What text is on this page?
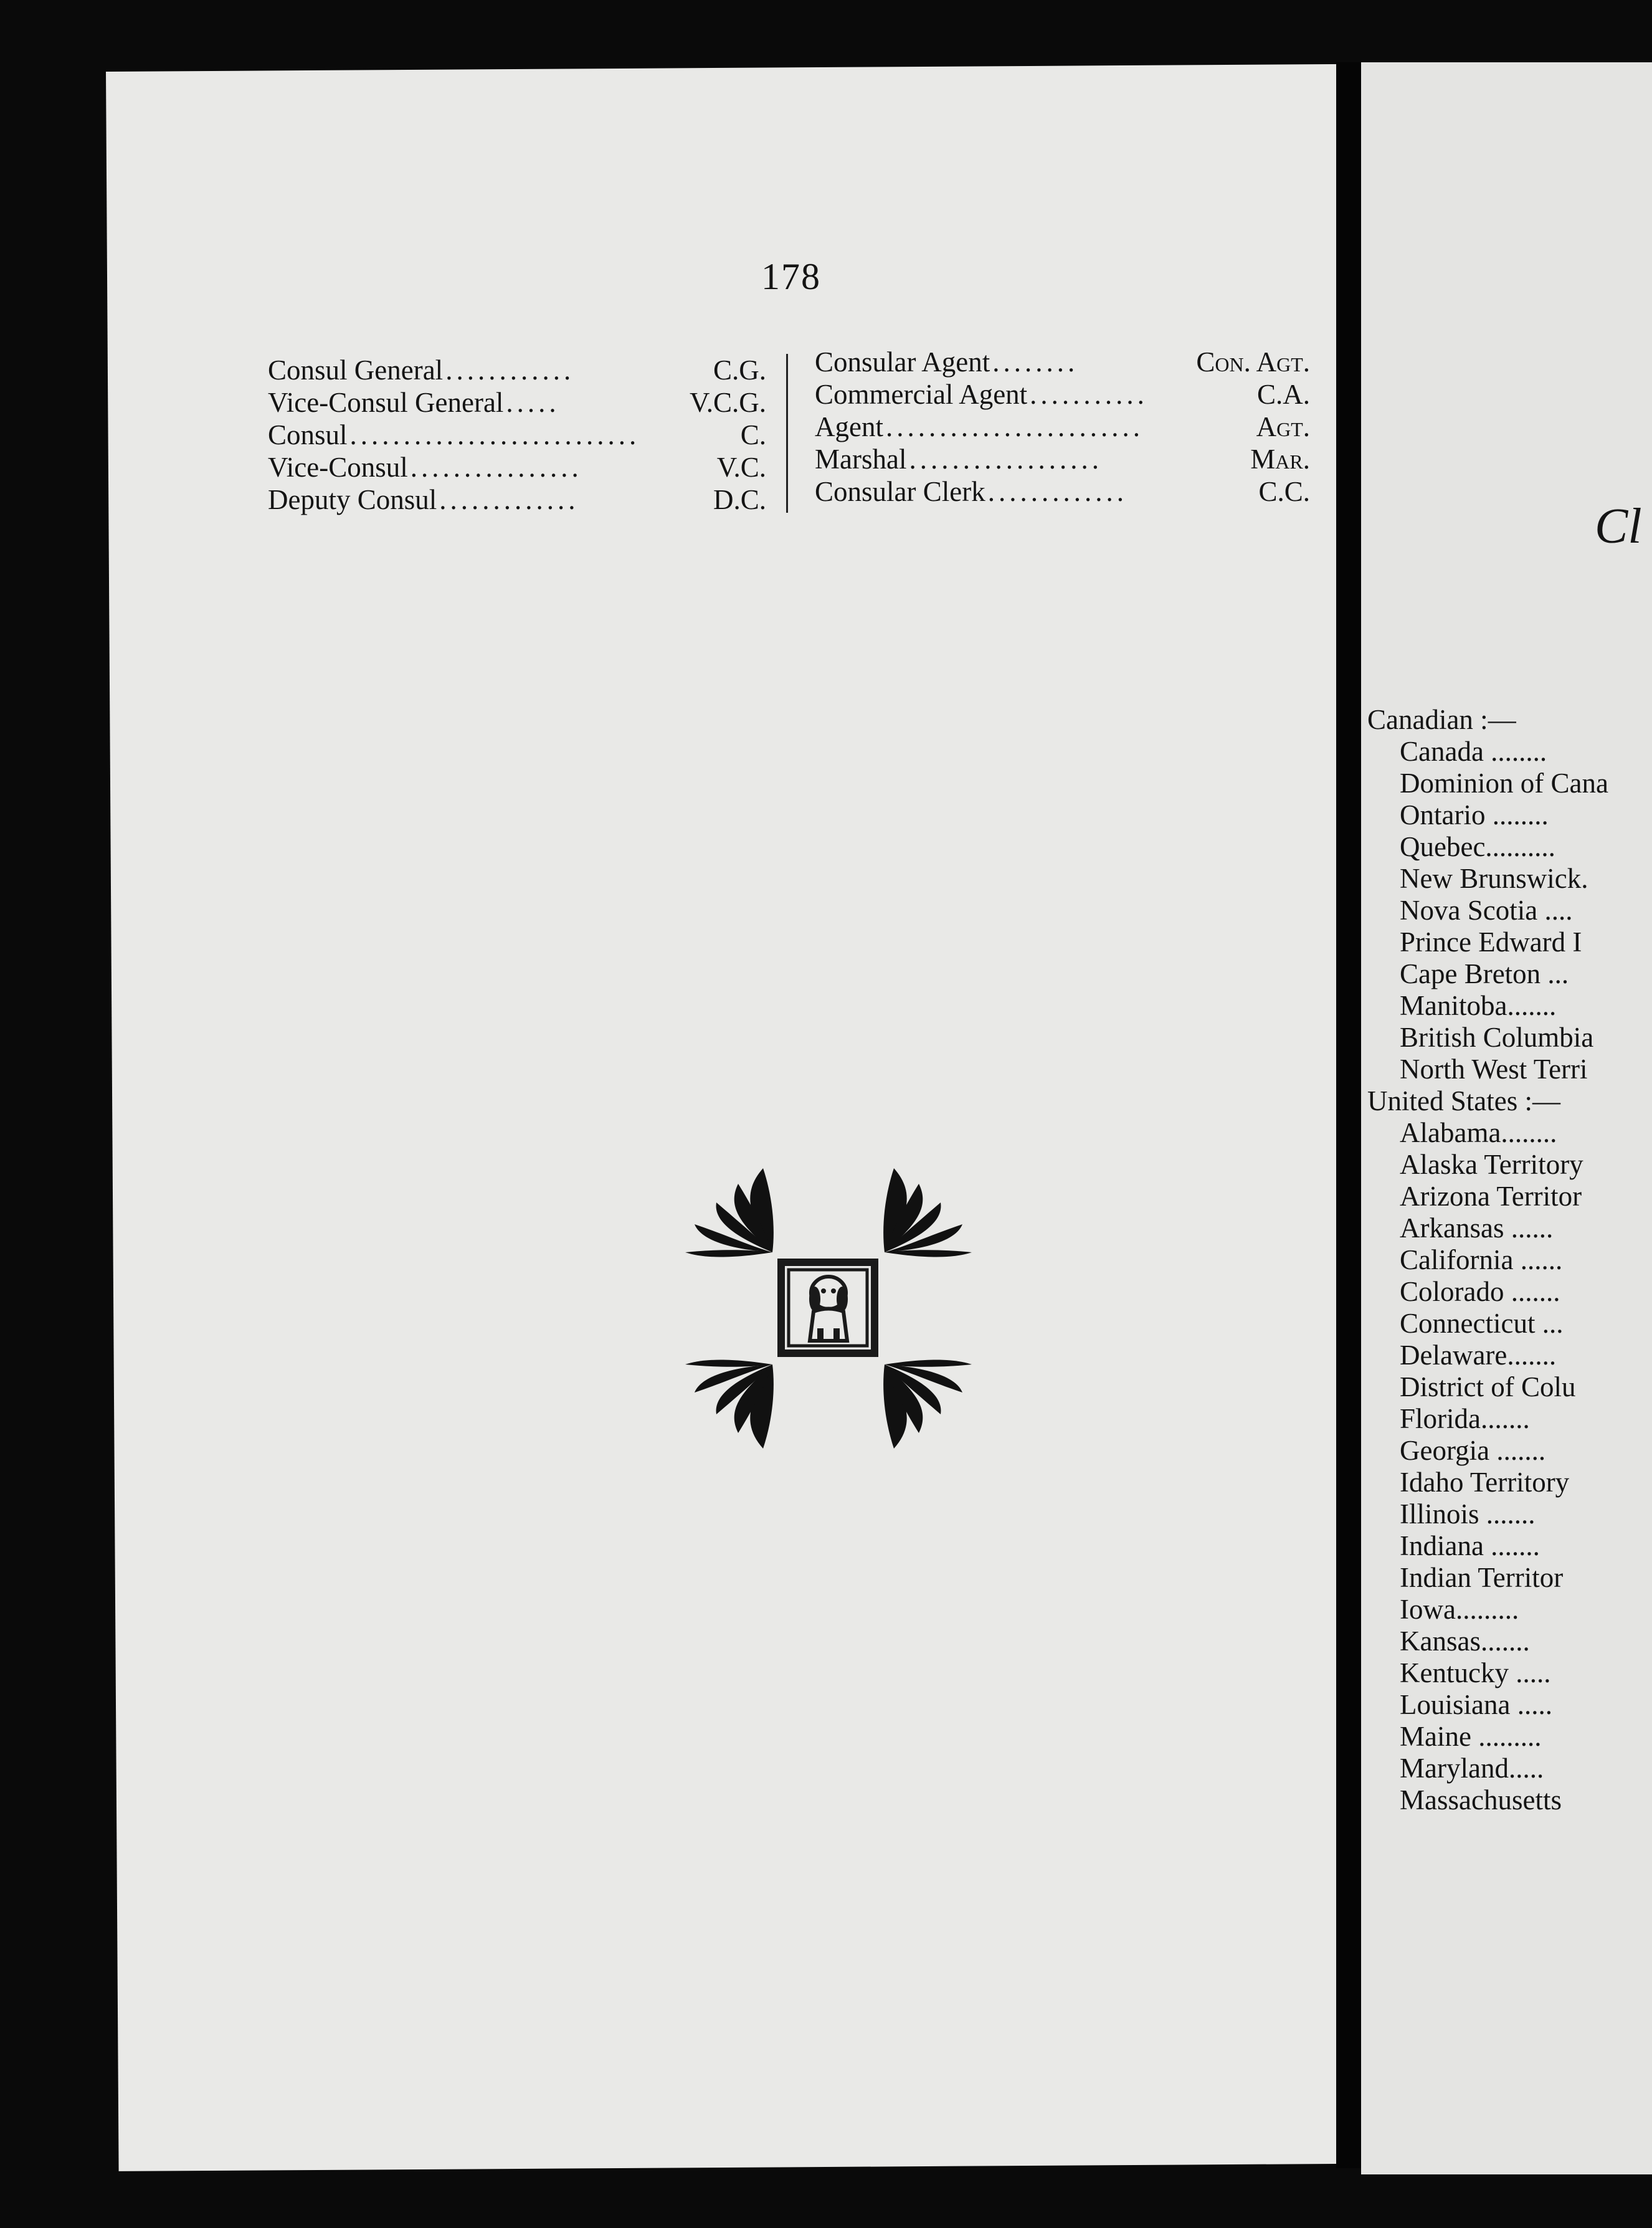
178
Consul General ............	C.G.
Vice-Consul General .....	V.C.G.
Consul ...........................	C.
Vice-Consul ................	V.C.
Deputy Consul .............	D.C.
Consular Agent ........	Con. Agt.
Commercial Agent ...........	C.A.
Agent ........................	Agt.
Marshal ..................	Mar.
Consular Clerk .............	C.C.
Cl
Canadian :—
Canada ........
Dominion of Cana
Ontario ........
Quebec..........
New Brunswick.
Nova Scotia ....
Prince Edward I
Cape Breton ...
Manitoba.......
British Columbia
North West Terri
United States :—
Alabama........
Alaska Territory
Arizona Territor
Arkansas ......
California ......
Colorado .......
Connecticut ...
Delaware.......
District of Colu
Florida.......
Georgia .......
Idaho Territory
Illinois .......
Indiana .......
Indian Territor
Iowa.........
Kansas.......
Kentucky .....
Louisiana .....
Maine .........
Maryland.....
Massachusetts
